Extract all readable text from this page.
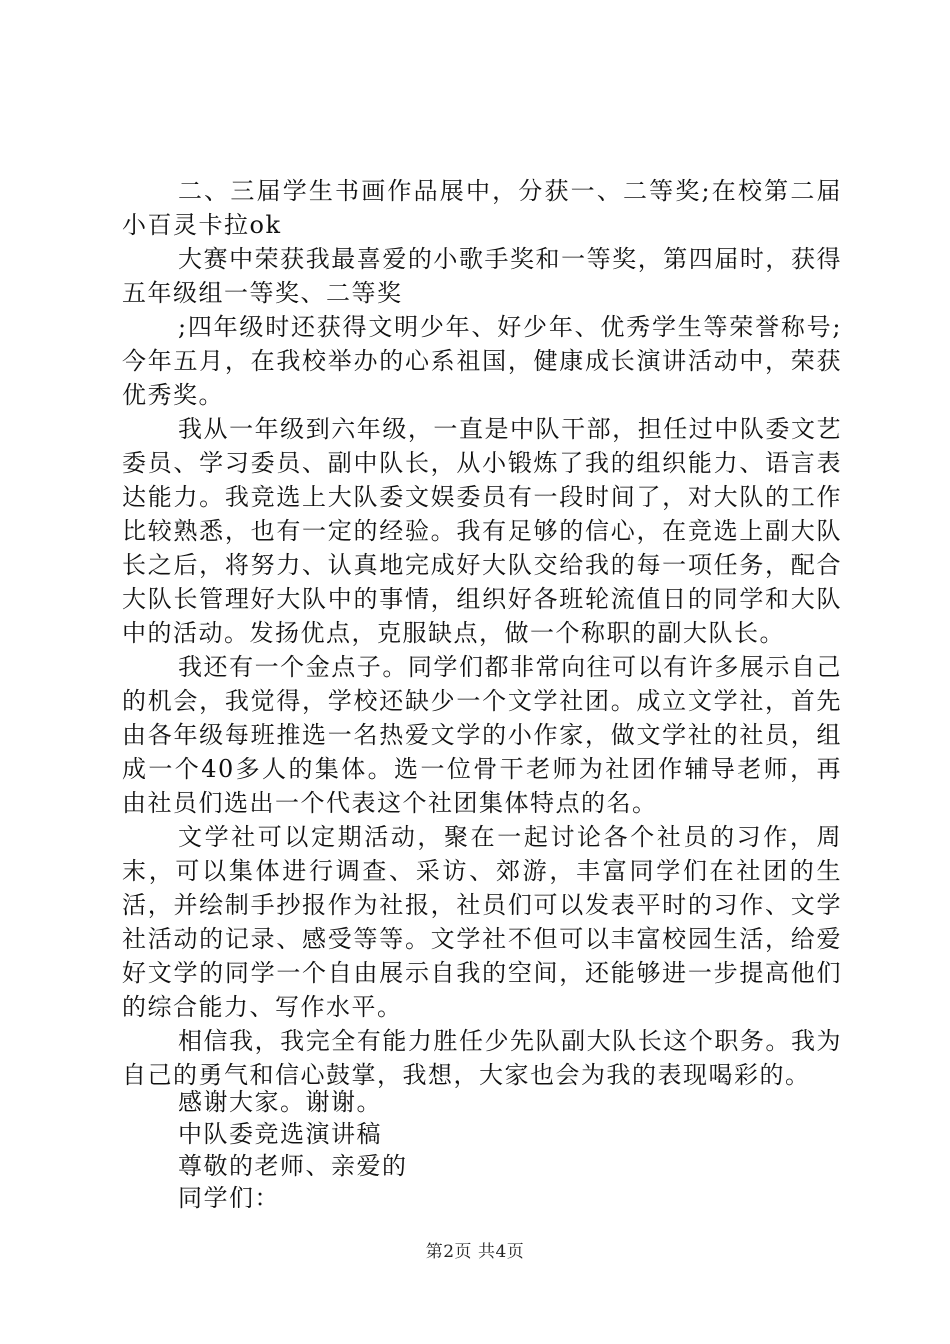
二、三届学生书画作品展中，分获一、二等奖;在校第二届小百灵卡拉ok

大赛中荣获我最喜爱的小歌手奖和一等奖，第四届时，获得五年级组一等奖、二等奖

;四年级时还获得文明少年、好少年、优秀学生等荣誉称号;今年五月，在我校举办的心系祖国，健康成长演讲活动中，荣获优秀奖。

我从一年级到六年级，一直是中队干部，担任过中队委文艺委员、学习委员、副中队长，从小锻炼了我的组织能力、语言表达能力。我竞选上大队委文娱委员有一段时间了，对大队的工作比较熟悉，也有一定的经验。我有足够的信心，在竞选上副大队长之后，将努力、认真地完成好大队交给我的每一项任务，配合大队长管理好大队中的事情，组织好各班轮流值日的同学和大队中的活动。发扬优点，克服缺点，做一个称职的副大队长。

我还有一个金点子。同学们都非常向往可以有许多展示自己的机会，我觉得，学校还缺少一个文学社团。成立文学社，首先由各年级每班推选一名热爱文学的小作家，做文学社的社员，组成一个40多人的集体。选一位骨干老师为社团作辅导老师，再由社员们选出一个代表这个社团集体特点的名。

文学社可以定期活动，聚在一起讨论各个社员的习作，周末，可以集体进行调查、采访、郊游，丰富同学们在社团的生活，并绘制手抄报作为社报，社员们可以发表平时的习作、文学社活动的记录、感受等等。文学社不但可以丰富校园生活，给爱好文学的同学一个自由展示自我的空间，还能够进一步提高他们的综合能力、写作水平。

相信我，我完全有能力胜任少先队副大队长这个职务。我为自己的勇气和信心鼓掌，我想，大家也会为我的表现喝彩的。

感谢大家。谢谢。

中队委竞选演讲稿

尊敬的老师、亲爱的

同学们：

第2页 共4页
